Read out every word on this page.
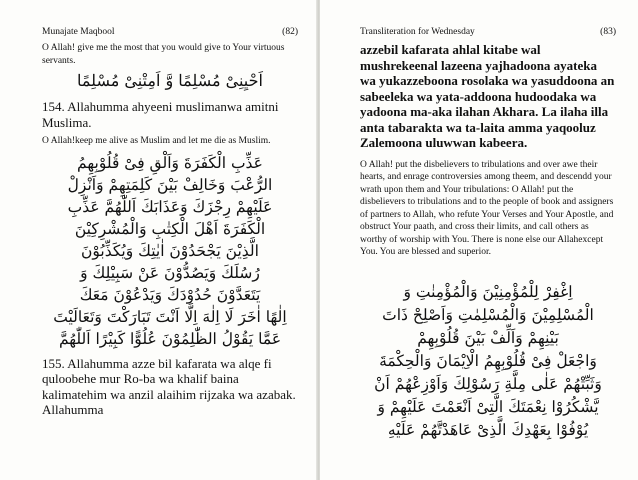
Munajate Maqbool	(82)

O Allah! give me the most that you would give to Your virtuous servants.

اَحْيِنِیْ مُسْلِمًا وَّ اَمِتْنِیْ مُسْلِمًا

154. Allahumma ahyeeni muslimanwa amitni Muslima.

O Allah!keep me alive as Muslim and let me die as Muslim.

عَذِّبِ الْكَفَرَةَ وَاَلْقِ فِیْ قُلُوْبِهِمُ

الرُّعْبَ وَخَالِفْ بَیْنَ كَلِمَتِهِمْ وَاَنْزِلْ

عَلَیْهِمْ رِجْزَكَ وَعَذَابَكَ اَللّٰهُمَّ عَذِّبِ

الْكَفَرَةَ اَهْلَ الْكِتٰبِ وَالْمُشْرِكِیْنَ

الَّذِیْنَ یَجْحَدُوْنَ اٰیٰتِكَ وَیُكَذِّبُوْنَ

رُسُلَكَ وَیَصُدُّوْنَ عَنْ سَبِیْلِكَ وَ

یَتَعَدَّوْنَ حُدُوْدَكَ وَیَدْعُوْنَ مَعَكَ

اِلٰهًا اٰخَرَ لَا اِلٰهَ اِلَّا اَنْتَ تَبَارَكْتَ وَتَعَالَیْتَ

عَمَّا یَقُوْلُ الظّٰلِمُوْنَ عُلُوًّا كَبِیْرًا اَللّٰهُمَّ

155. Allahumma azze bil kafarata wa alqe fi quloobehe mur Ro-ba wa khalif baina kalimatehim wa anzil alaihim rijzaka wa azabak. Allahumma

Transliteration for Wednesday	(83)

azzebil kafarata ahlal kitabe wal mushrekeenal lazeena yajhadoona ayateka wa yukazzeboona rosolaka wa yasuddoona an sabeeleka wa yata-addoona hudoodaka wa yadoona ma-aka ilahan Akhara. La ilaha illa anta tabarakta wa ta-laita amma yaqooluz Zalemoona uluwwan kabeera.

O Allah! put the disbelievers to tribulations and over awe their hearts, and enrage controversies among theem, and descendd your wrath upon them and Your tribulations: O Allah! put the disbelievers to tribulations and to the people of book and assigners of partners to Allah, who refute Your Verses and Your Apostle, and obstruct Your paath, and cross their limits, and call others as worthy of worship with You. There is none else our Allahexcept You. You are blessed and superior.

اِغْفِرْ لِلْمُؤْمِنِیْنَ وَالْمُؤْمِنٰتِ وَ

الْمُسْلِمِیْنَ وَالْمُسْلِمٰتِ وَاَصْلِحْ ذَاتَ

بَیْنِهِمْ وَاَلِّفْ بَیْنَ قُلُوْبِهِمْ

وَاجْعَلْ فِیْ قُلُوْبِهِمُ الْاِیْمَانَ وَالْحِكْمَةَ

وَثَبِّتْهُمْ عَلٰی مِلَّةِ رَسُوْلِكَ وَاَوْزِعْهُمْ اَنْ

یَّشْكُرُوْا نِعْمَتَكَ الَّتِیْ اَنْعَمْتَ عَلَیْهِمْ وَ

یُوْفُوْا بِعَهْدِكَ الَّذِیْ عَاهَدْتَّهُمْ عَلَیْهِ
